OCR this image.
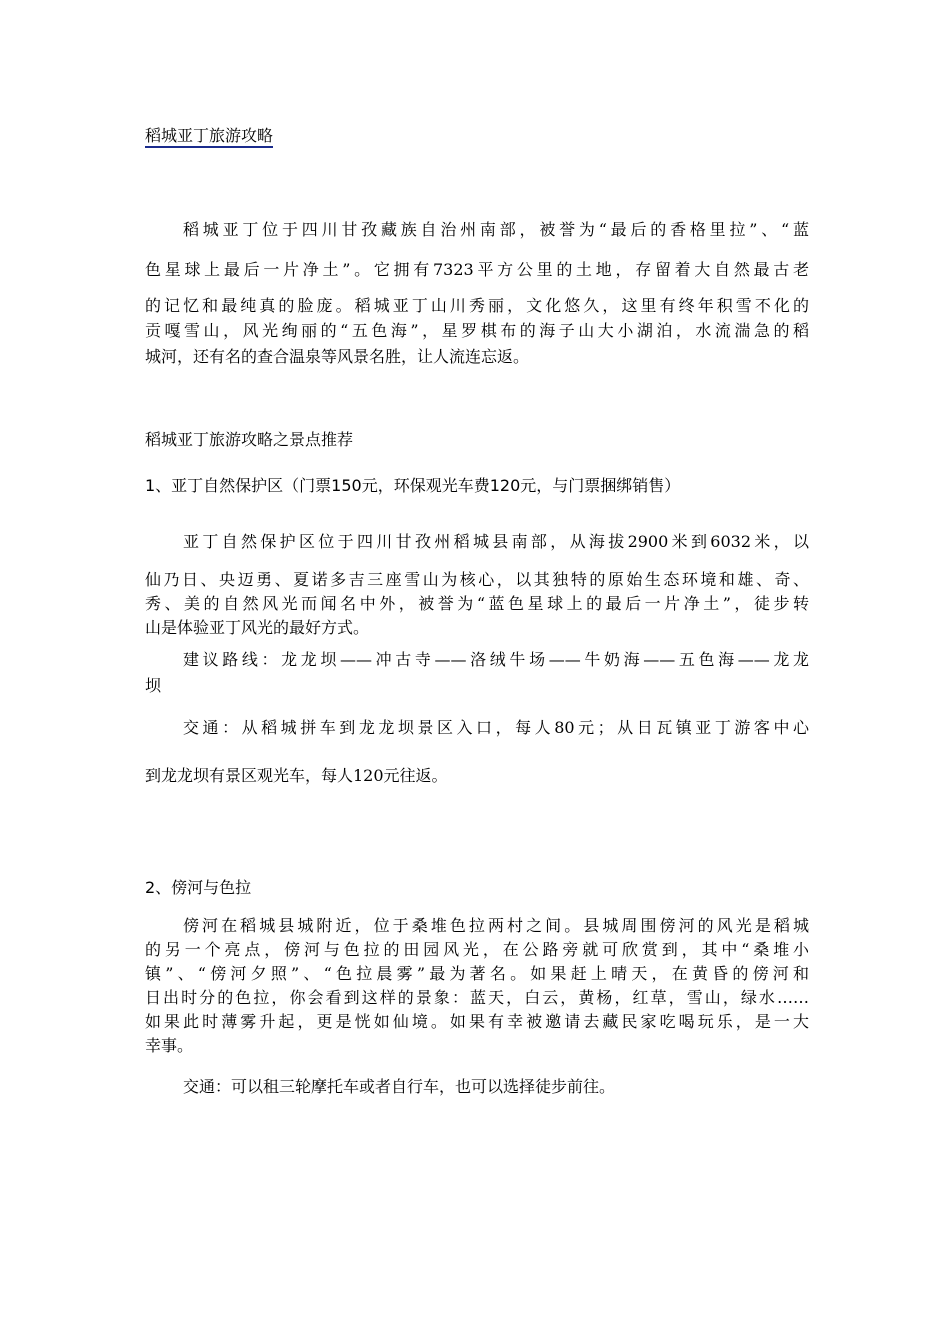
稻城亚丁旅游攻略
稻城亚丁位于四川甘孜藏族自治州南部，被誉为“最后的香格里拉”、“蓝
色星球上最后一片净土”。它拥有7323平方公里的土地，存留着大自然最古老
的记忆和最纯真的脸庞。稻城亚丁山川秀丽，文化悠久，这里有终年积雪不化的
贡嘎雪山，风光绚丽的“五色海”，星罗棋布的海子山大小湖泊，水流湍急的稻
城河，还有名的查合温泉等风景名胜，让人流连忘返。
稻城亚丁旅游攻略之景点推荐
1、亚丁自然保护区（门票150元，环保观光车费120元，与门票捆绑销售）
亚丁自然保护区位于四川甘孜州稻城县南部，从海拔2900米到6032米，以
仙乃日、央迈勇、夏诺多吉三座雪山为核心，以其独特的原始生态环境和雄、奇、
秀、美的自然风光而闻名中外，被誉为“蓝色星球上的最后一片净土”，徒步转
山是体验亚丁风光的最好方式。
建议路线：龙龙坝——冲古寺——洛绒牛场——牛奶海——五色海——龙龙
坝
交通：从稻城拼车到龙龙坝景区入口，每人80元；从日瓦镇亚丁游客中心
到龙龙坝有景区观光车，每人120元往返。
2、傍河与色拉
傍河在稻城县城附近，位于桑堆色拉两村之间。县城周围傍河的风光是稻城
的另一个亮点，傍河与色拉的田园风光，在公路旁就可欣赏到，其中“桑堆小
镇”、“傍河夕照”、“色拉晨雾”最为著名。如果赶上晴天，在黄昏的傍河和
日出时分的色拉，你会看到这样的景象：蓝天，白云，黄杨，红草，雪山，绿水……
如果此时薄雾升起，更是恍如仙境。如果有幸被邀请去藏民家吃喝玩乐，是一大
幸事。
交通：可以租三轮摩托车或者自行车，也可以选择徒步前往。
